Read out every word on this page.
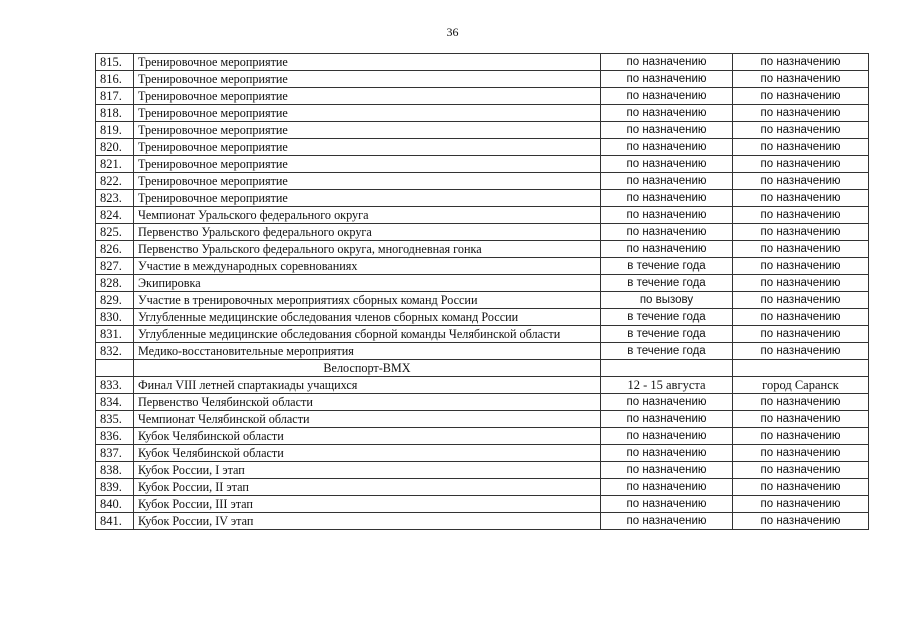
36
815.	Тренировочное мероприятие	по назначению	по назначению
816.	Тренировочное мероприятие	по назначению	по назначению
817.	Тренировочное мероприятие	по назначению	по назначению
818.	Тренировочное мероприятие	по назначению	по назначению
819.	Тренировочное мероприятие	по назначению	по назначению
820.	Тренировочное мероприятие	по назначению	по назначению
821.	Тренировочное мероприятие	по назначению	по назначению
822.	Тренировочное мероприятие	по назначению	по назначению
823.	Тренировочное мероприятие	по назначению	по назначению
824.	Чемпионат Уральского федерального округа	по назначению	по назначению
825.	Первенство Уральского федерального округа	по назначению	по назначению
826.	Первенство Уральского федерального округа, многодневная гонка	по назначению	по назначению
827.	Участие в международных соревнованиях	в течение года	по назначению
828.	Экипировка	в течение года	по назначению
829.	Участие в тренировочных мероприятиях сборных команд России	по вызову	по назначению
830.	Углубленные медицинские обследования членов сборных команд России	в течение года	по назначению
831.	Углубленные медицинские обследования сборной команды Челябинской области	в течение года	по назначению
832.	Медико-восстановительные мероприятия	в течение года	по назначению
	Велоспорт-ВМХ		
833.	Финал VIII летней спартакиады учащихся	12 - 15 августа	город Саранск
834.	Первенство Челябинской области	по назначению	по назначению
835.	Чемпионат Челябинской области	по назначению	по назначению
836.	Кубок Челябинской области	по назначению	по назначению
837.	Кубок Челябинской области	по назначению	по назначению
838.	Кубок России, I этап	по назначению	по назначению
839.	Кубок России, II этап	по назначению	по назначению
840.	Кубок России, III этап	по назначению	по назначению
841.	Кубок России, IV этап	по назначению	по назначению
